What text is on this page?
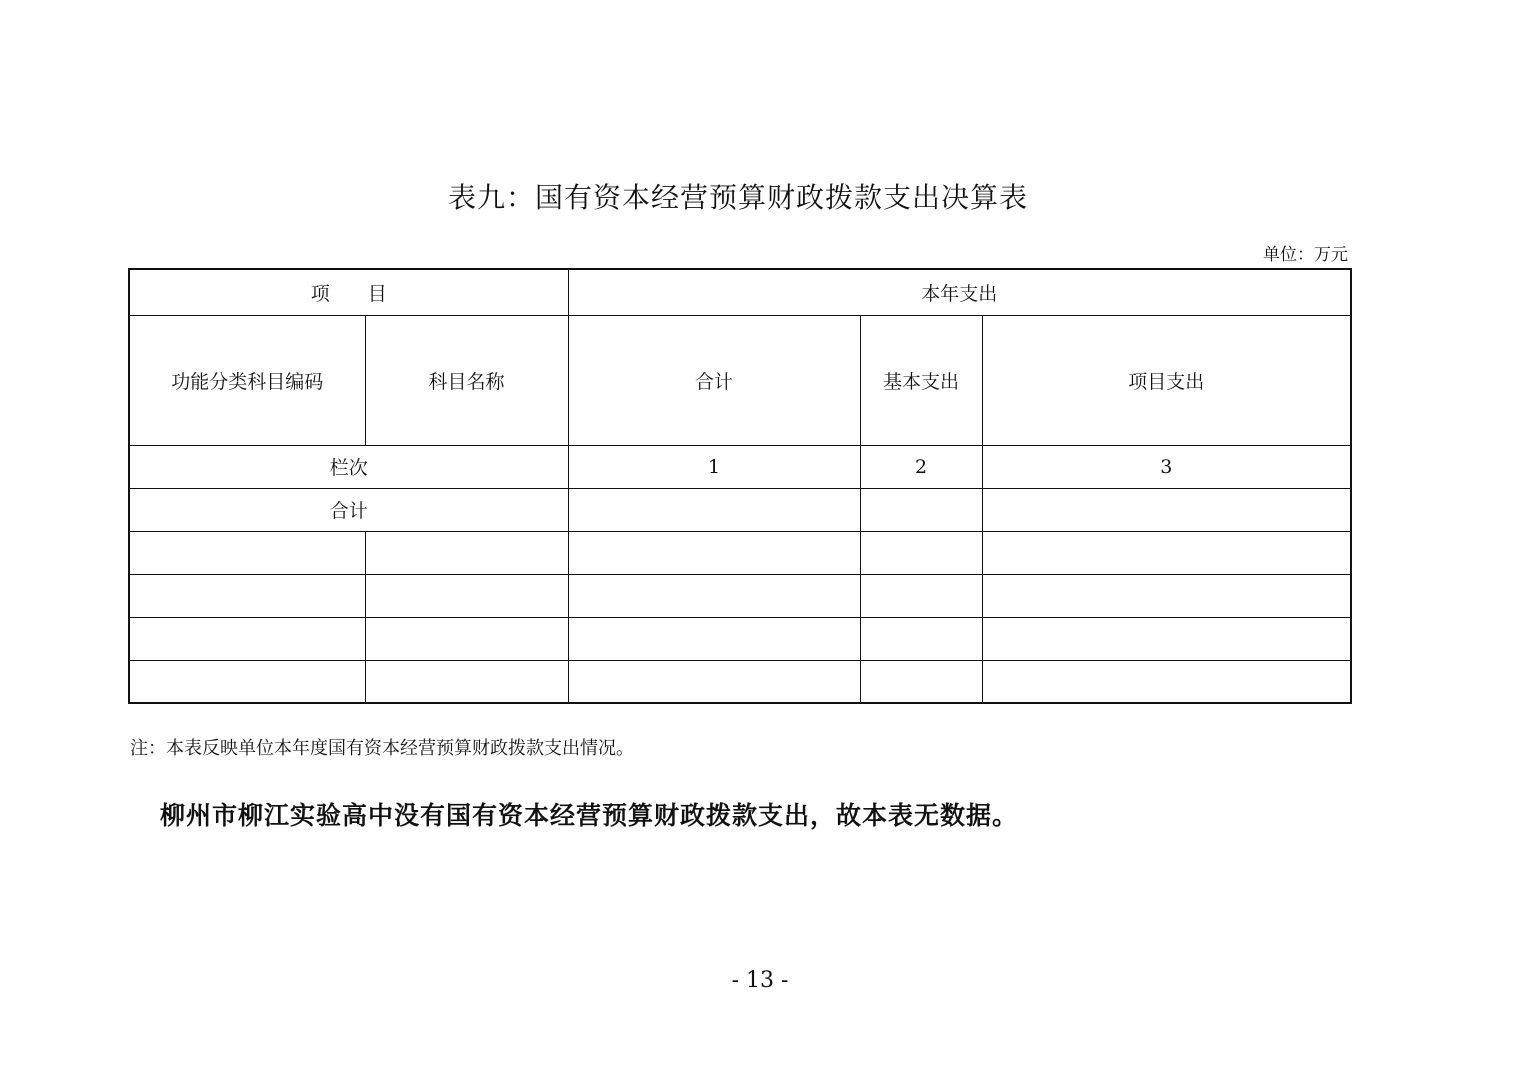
表九：国有资本经营预算财政拨款支出决算表
单位：万元
项　　目		本年支出		
功能分类科目编码	科目名称	合计	基本支出	项目支出
栏次		1	2	3
合计				

注：本表反映单位本年度国有资本经营预算财政拨款支出情况。
柳州市柳江实验高中没有国有资本经营预算财政拨款支出，故本表无数据。
- 13 -
